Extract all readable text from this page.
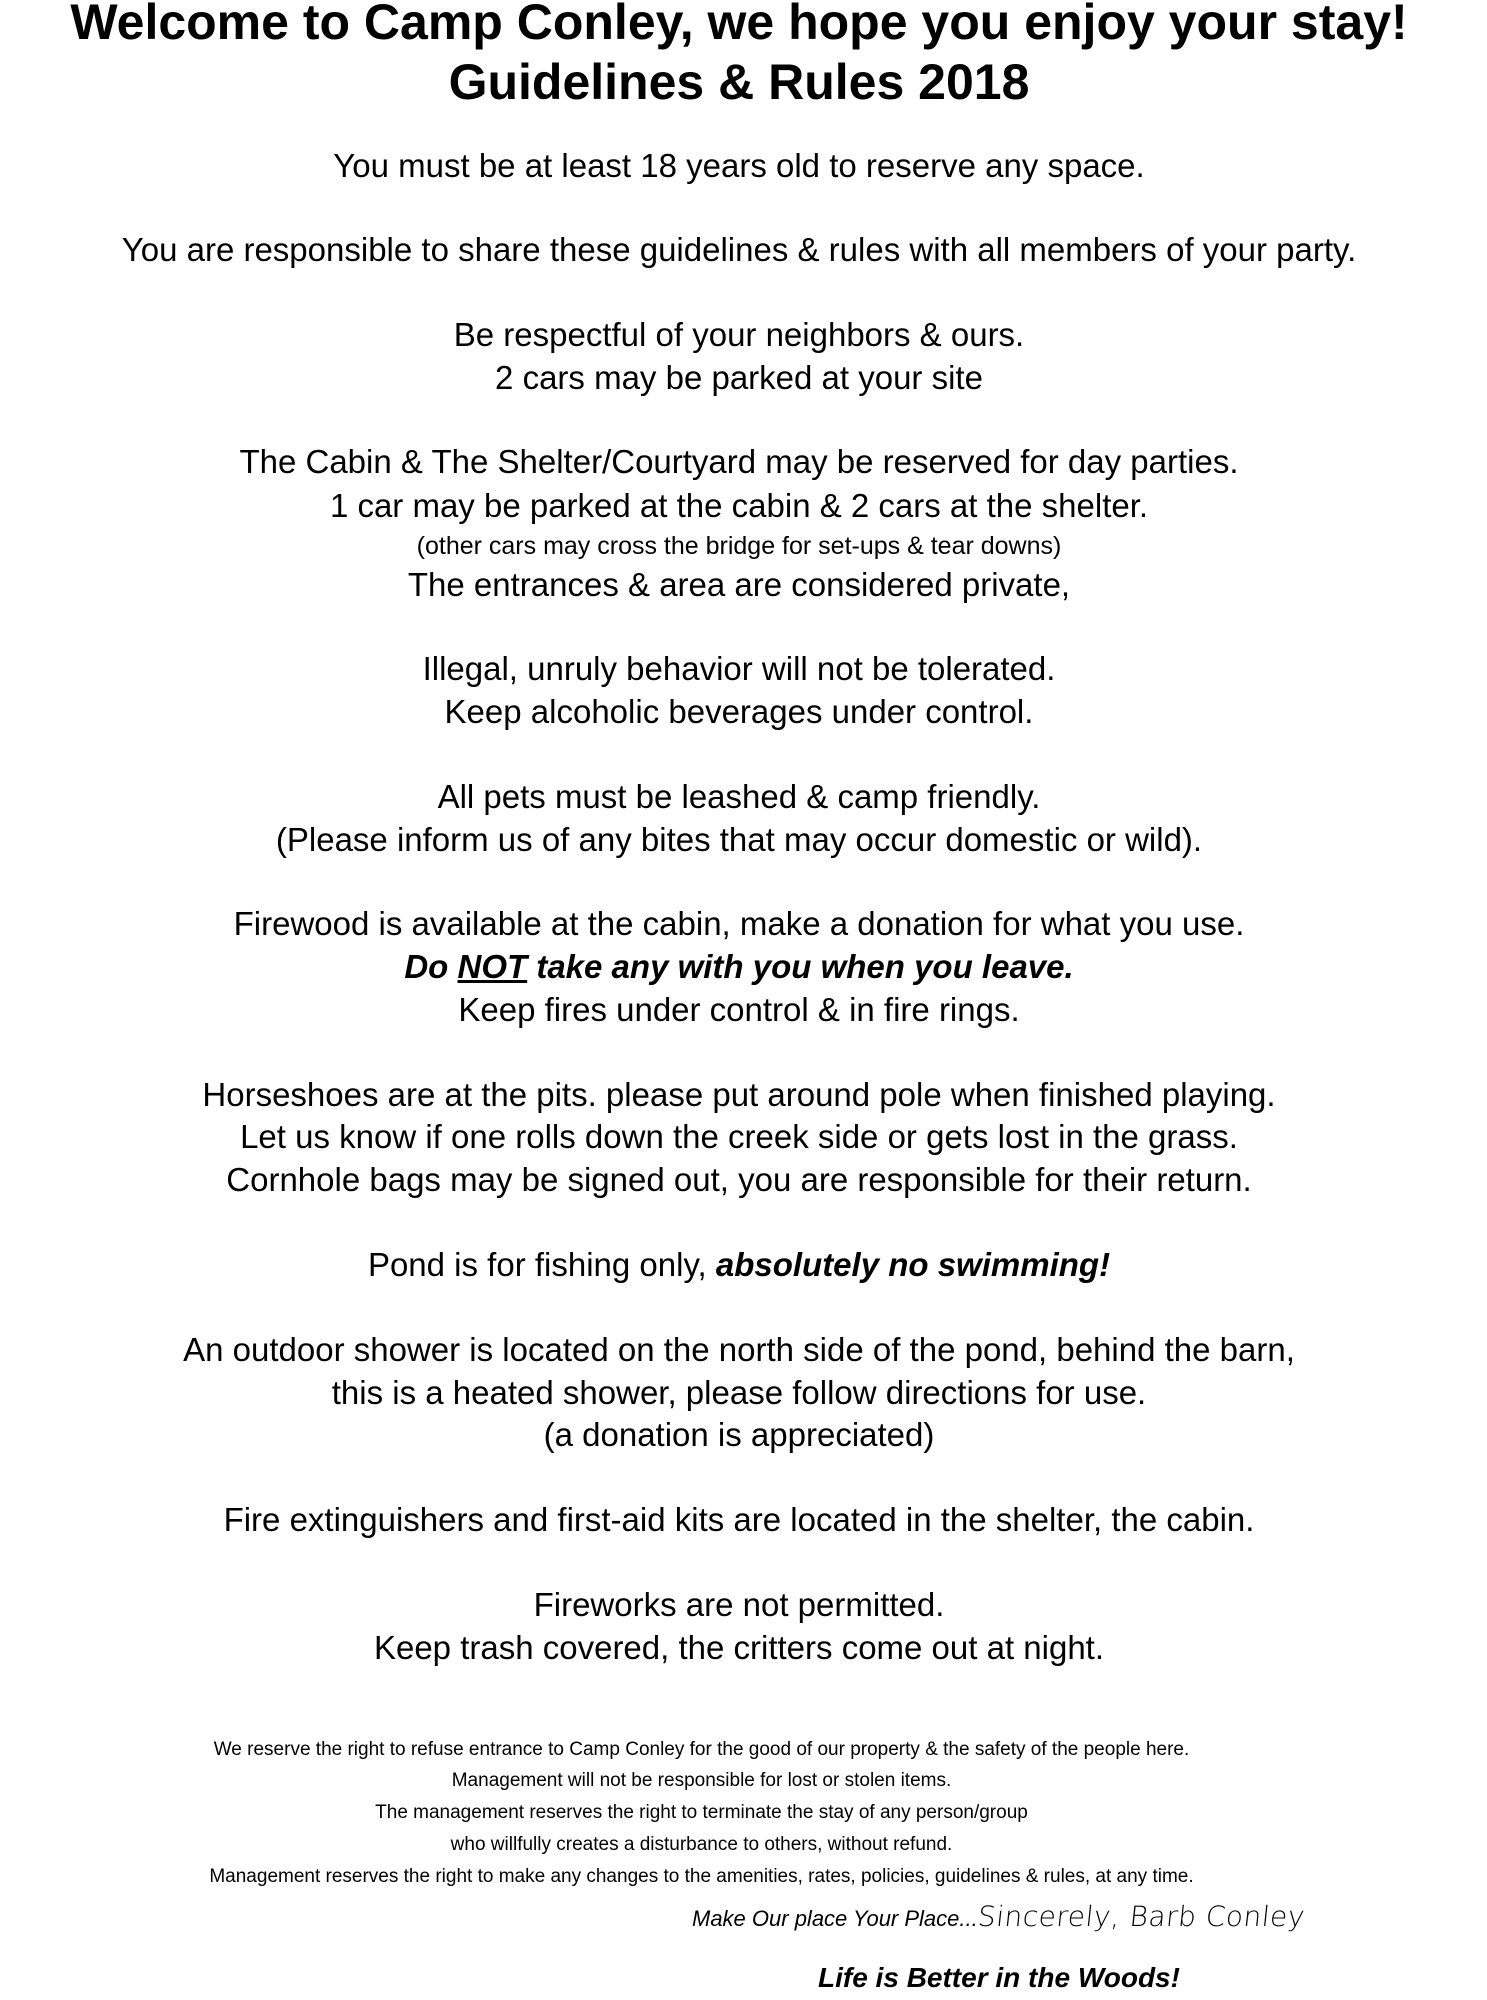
Welcome to Camp Conley, we hope you enjoy your stay!
Guidelines & Rules 2018
You must be at least 18 years old to reserve any space.
You are responsible to share these guidelines & rules with all members of your party.
Be respectful of your neighbors & ours.
2 cars may be parked at your site
The Cabin & The Shelter/Courtyard may be reserved for day parties.
1 car may be parked at the cabin & 2 cars at the shelter.
(other cars may cross the bridge for set-ups & tear downs)
The entrances & area are considered private,
Illegal, unruly behavior will not be tolerated.
Keep alcoholic beverages under control.
All pets must be leashed & camp friendly.
(Please inform us of any bites that may occur domestic or wild).
Firewood is available at the cabin, make a donation for what you use.
Do NOT take any with you when you leave.
Keep fires under control & in fire rings.
Horseshoes are at the pits. please put around pole when finished playing.
Let us know if one rolls down the creek side or gets lost in the grass.
Cornhole bags may be signed out, you are responsible for their return.
Pond is for fishing only, absolutely no swimming!
An outdoor shower is located on the north side of the pond, behind the barn,
this is a heated shower, please follow directions for use.
(a donation is appreciated)
Fire extinguishers and first-aid kits are located in the shelter, the cabin.
Fireworks are not permitted.
Keep trash covered, the critters come out at night.
We reserve the right to refuse entrance to Camp Conley for the good of our property & the safety of the people here.
Management will not be responsible for lost or stolen items.
The management reserves the right to terminate the stay of any person/group
who willfully creates a disturbance to others, without refund.
Management reserves the right to make any changes to the amenities, rates, policies, guidelines & rules, at any time.
Make Our place Your Place...Sincerely, Barb Conley
Life is Better in the Woods!
